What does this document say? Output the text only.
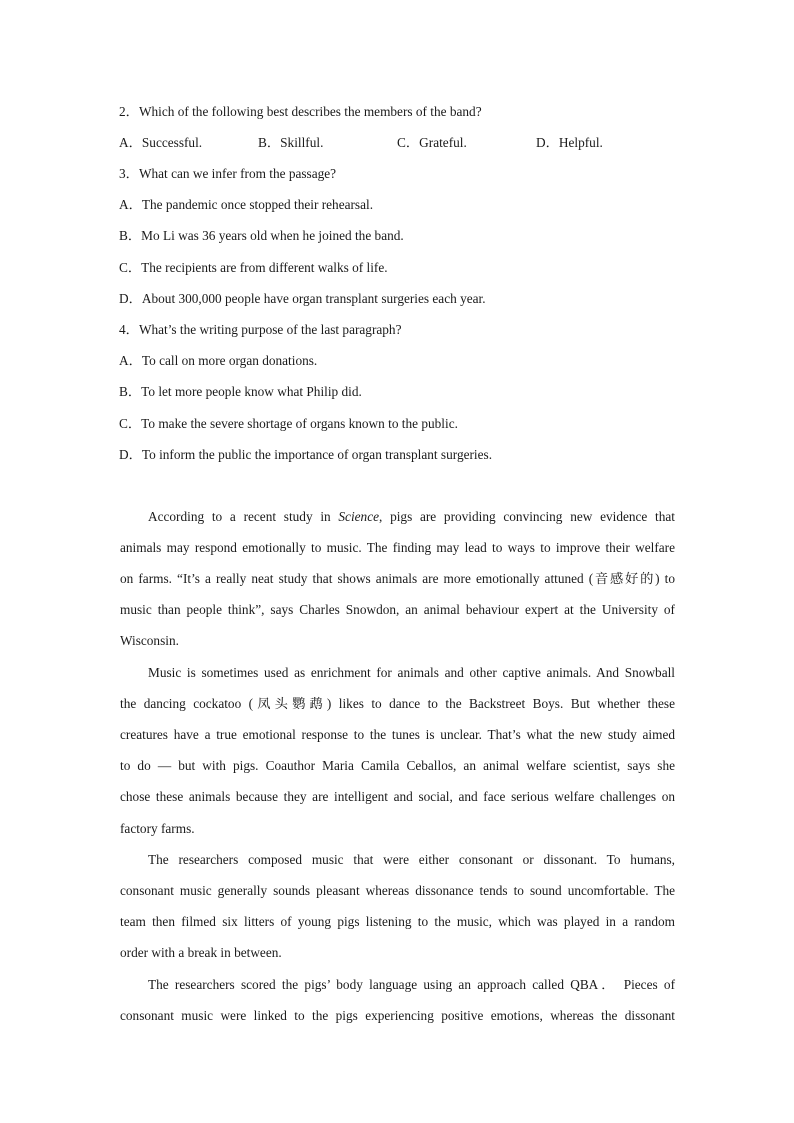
2．Which of the following best describes the members of the band?
A．Successful.	B．Skillful.	C．Grateful.	D．Helpful.
3．What can we infer from the passage?
A．The pandemic once stopped their rehearsal.
B．Mo Li was 36 years old when he joined the band.
C．The recipients are from different walks of life.
D．About 300,000 people have organ transplant surgeries each year.
4．What’s the writing purpose of the last paragraph?
A．To call on more organ donations.
B．To let more people know what Philip did.
C．To make the severe shortage of organs known to the public.
D．To inform the public the importance of organ transplant surgeries.
According to a recent study in Science, pigs are providing convincing new evidence that
animals may respond emotionally to music. The finding may lead to ways to improve their welfare
on farms. “It’s a really neat study that shows animals are more emotionally attuned (音感好的) to
music than people think”, says Charles Snowdon, an animal behaviour expert at the University of
Wisconsin.
Music is sometimes used as enrichment for animals and other captive animals. And Snowball
the dancing cockatoo (凤头鹦鹉) likes to dance to the Backstreet Boys. But whether these
creatures have a true emotional response to the tunes is unclear. That’s what the new study aimed
to do — but with pigs. Coauthor Maria Camila Ceballos, an animal welfare scientist, says she
chose these animals because they are intelligent and social, and face serious welfare challenges on
factory farms.
The researchers composed music that were either consonant or dissonant. To humans,
consonant music generally sounds pleasant whereas dissonance tends to sound uncomfortable. The
team then filmed six litters of young pigs listening to the music, which was played in a random
order with a break in between.
The researchers scored the pigs’ body language using an approach called QBA． Pieces of
consonant music were linked to the pigs experiencing positive emotions, whereas the dissonant
